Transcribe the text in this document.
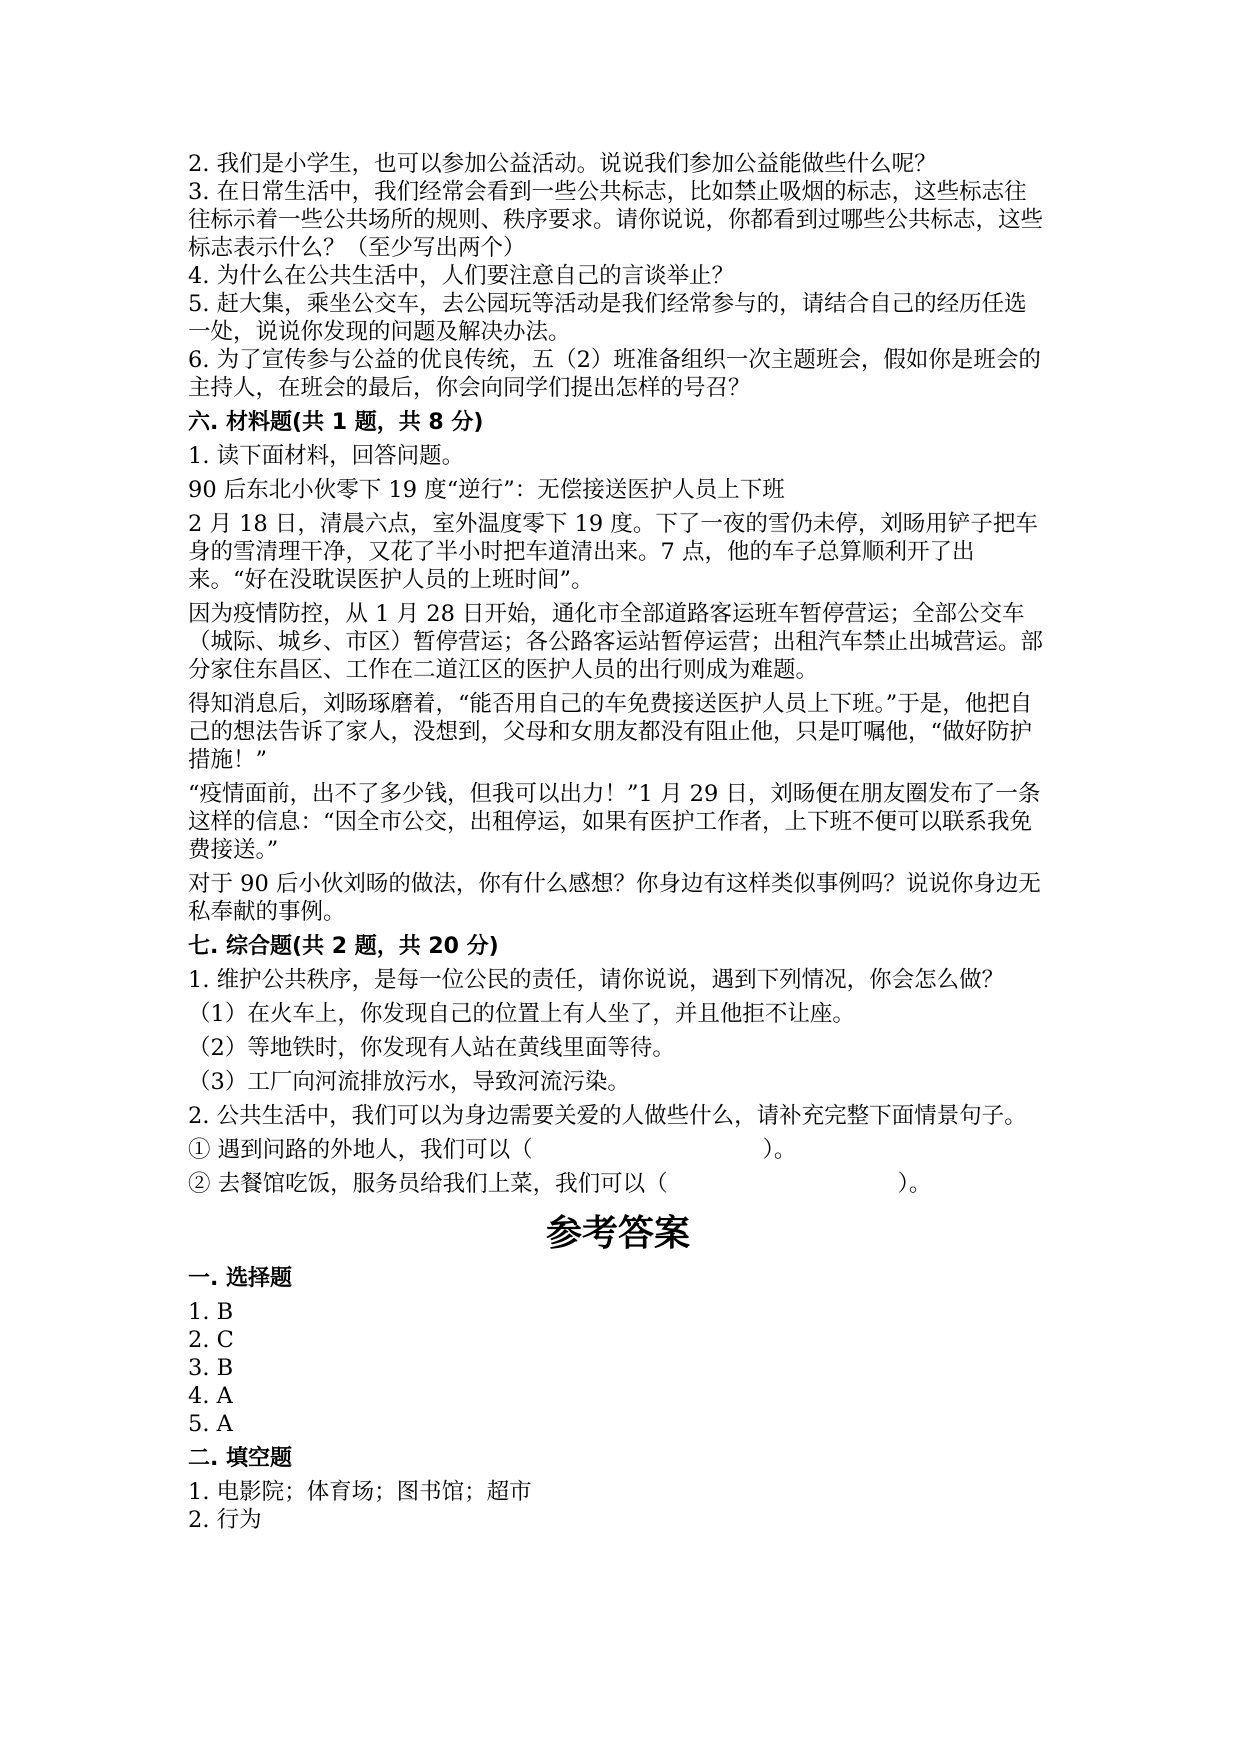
2. 我们是小学生，也可以参加公益活动。说说我们参加公益能做些什么呢？

3. 在日常生活中，我们经常会看到一些公共标志，比如禁止吸烟的标志，这些标志往往标示着一些公共场所的规则、秩序要求。请你说说，你都看到过哪些公共标志，这些标志表示什么？（至少写出两个）

4. 为什么在公共生活中，人们要注意自己的言谈举止？

5. 赶大集，乘坐公交车，去公园玩等活动是我们经常参与的，请结合自己的经历任选一处，说说你发现的问题及解决办法。

6. 为了宣传参与公益的优良传统，五（2）班准备组织一次主题班会，假如你是班会的主持人，在班会的最后，你会向同学们提出怎样的号召？

六. 材料题(共 1 题，共 8 分)

1. 读下面材料，回答问题。

90 后东北小伙零下 19 度“逆行”：无偿接送医护人员上下班

2 月 18 日，清晨六点，室外温度零下 19 度。下了一夜的雪仍未停，刘旸用铲子把车身的雪清理干净，又花了半小时把车道清出来。7 点，他的车子总算顺利开了出来。“好在没耽误医护人员的上班时间”。

因为疫情防控，从 1 月 28 日开始，通化市全部道路客运班车暂停营运；全部公交车（城际、城乡、市区）暂停营运；各公路客运站暂停运营；出租汽车禁止出城营运。部分家住东昌区、工作在二道江区的医护人员的出行则成为难题。

得知消息后，刘旸琢磨着，“能否用自己的车免费接送医护人员上下班。”于是，他把自己的想法告诉了家人，没想到，父母和女朋友都没有阻止他，只是叮嘱他，“做好防护措施！”

“疫情面前，出不了多少钱，但我可以出力！”1 月 29 日，刘旸便在朋友圈发布了一条这样的信息：“因全市公交，出租停运，如果有医护工作者，上下班不便可以联系我免费接送。”

对于 90 后小伙刘旸的做法，你有什么感想？你身边有这样类似事例吗？说说你身边无私奉献的事例。

七. 综合题(共 2 题，共 20 分)

1. 维护公共秩序，是每一位公民的责任，请你说说，遇到下列情况，你会怎么做？

（1）在火车上，你发现自己的位置上有人坐了，并且他拒不让座。

（2）等地铁时，你发现有人站在黄线里面等待。

（3）工厂向河流排放污水，导致河流污染。

2. 公共生活中，我们可以为身边需要关爱的人做些什么，请补充完整下面情景句子。

① 遇到问路的外地人，我们可以（	）。

② 去餐馆吃饭，服务员给我们上菜，我们可以（	）。

参考答案
一. 选择题

1. B

2. C

3. B

4. A

5. A

二. 填空题

1. 电影院；体育场；图书馆；超市

2. 行为
